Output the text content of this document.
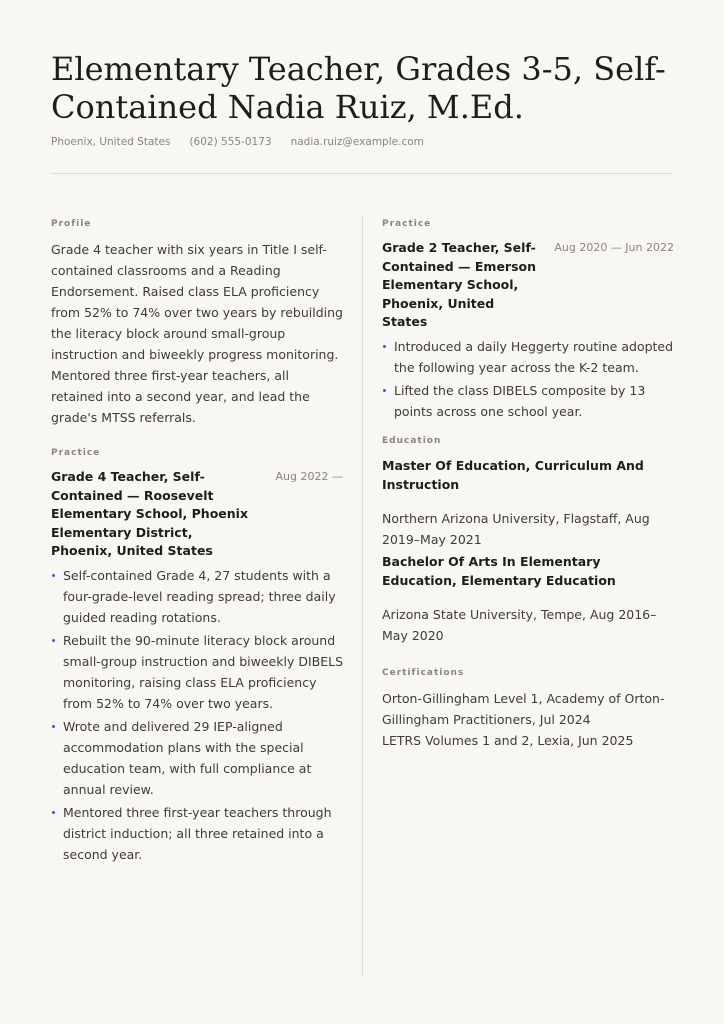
Elementary Teacher, Grades 3-5, Self-Contained Nadia Ruiz, M.Ed.
Phoenix, United States (602) 555-0173 nadia.ruiz@example.com
Profile

Grade 4 teacher with six years in Title I self-contained classrooms and a Reading Endorsement. Raised class ELA proficiency from 52% to 74% over two years by rebuilding the literacy block around small-group instruction and biweekly progress monitoring. Mentored three first-year teachers, all retained into a second year, and lead the grade's MTSS referrals.

Practice
Grade 4 Teacher, Self-Contained — Roosevelt Elementary School, Phoenix Elementary District, Phoenix, United States
Aug 2022 —
Self-contained Grade 4, 27 students with a four-grade-level reading spread; three daily guided reading rotations.
Rebuilt the 90-minute literacy block around small-group instruction and biweekly DIBELS monitoring, raising class ELA proficiency from 52% to 74% over two years.
Wrote and delivered 29 IEP-aligned accommodation plans with the special education team, with full compliance at annual review.
Mentored three first-year teachers through district induction; all three retained into a second year.
Practice
Grade 2 Teacher, Self-Contained — Emerson Elementary School, Phoenix, United States
Aug 2020 — Jun 2022
Introduced a daily Heggerty routine adopted the following year across the K-2 team.
Lifted the class DIBELS composite by 13 points across one school year.
Education
Master Of Education, Curriculum And Instruction
Northern Arizona University, Flagstaff, Aug 2019–May 2021
Bachelor Of Arts In Elementary Education, Elementary Education
Arizona State University, Tempe, Aug 2016–May 2020
Certifications

Orton-Gillingham Level 1, Academy of Orton-Gillingham Practitioners, Jul 2024

LETRS Volumes 1 and 2, Lexia, Jun 2025
